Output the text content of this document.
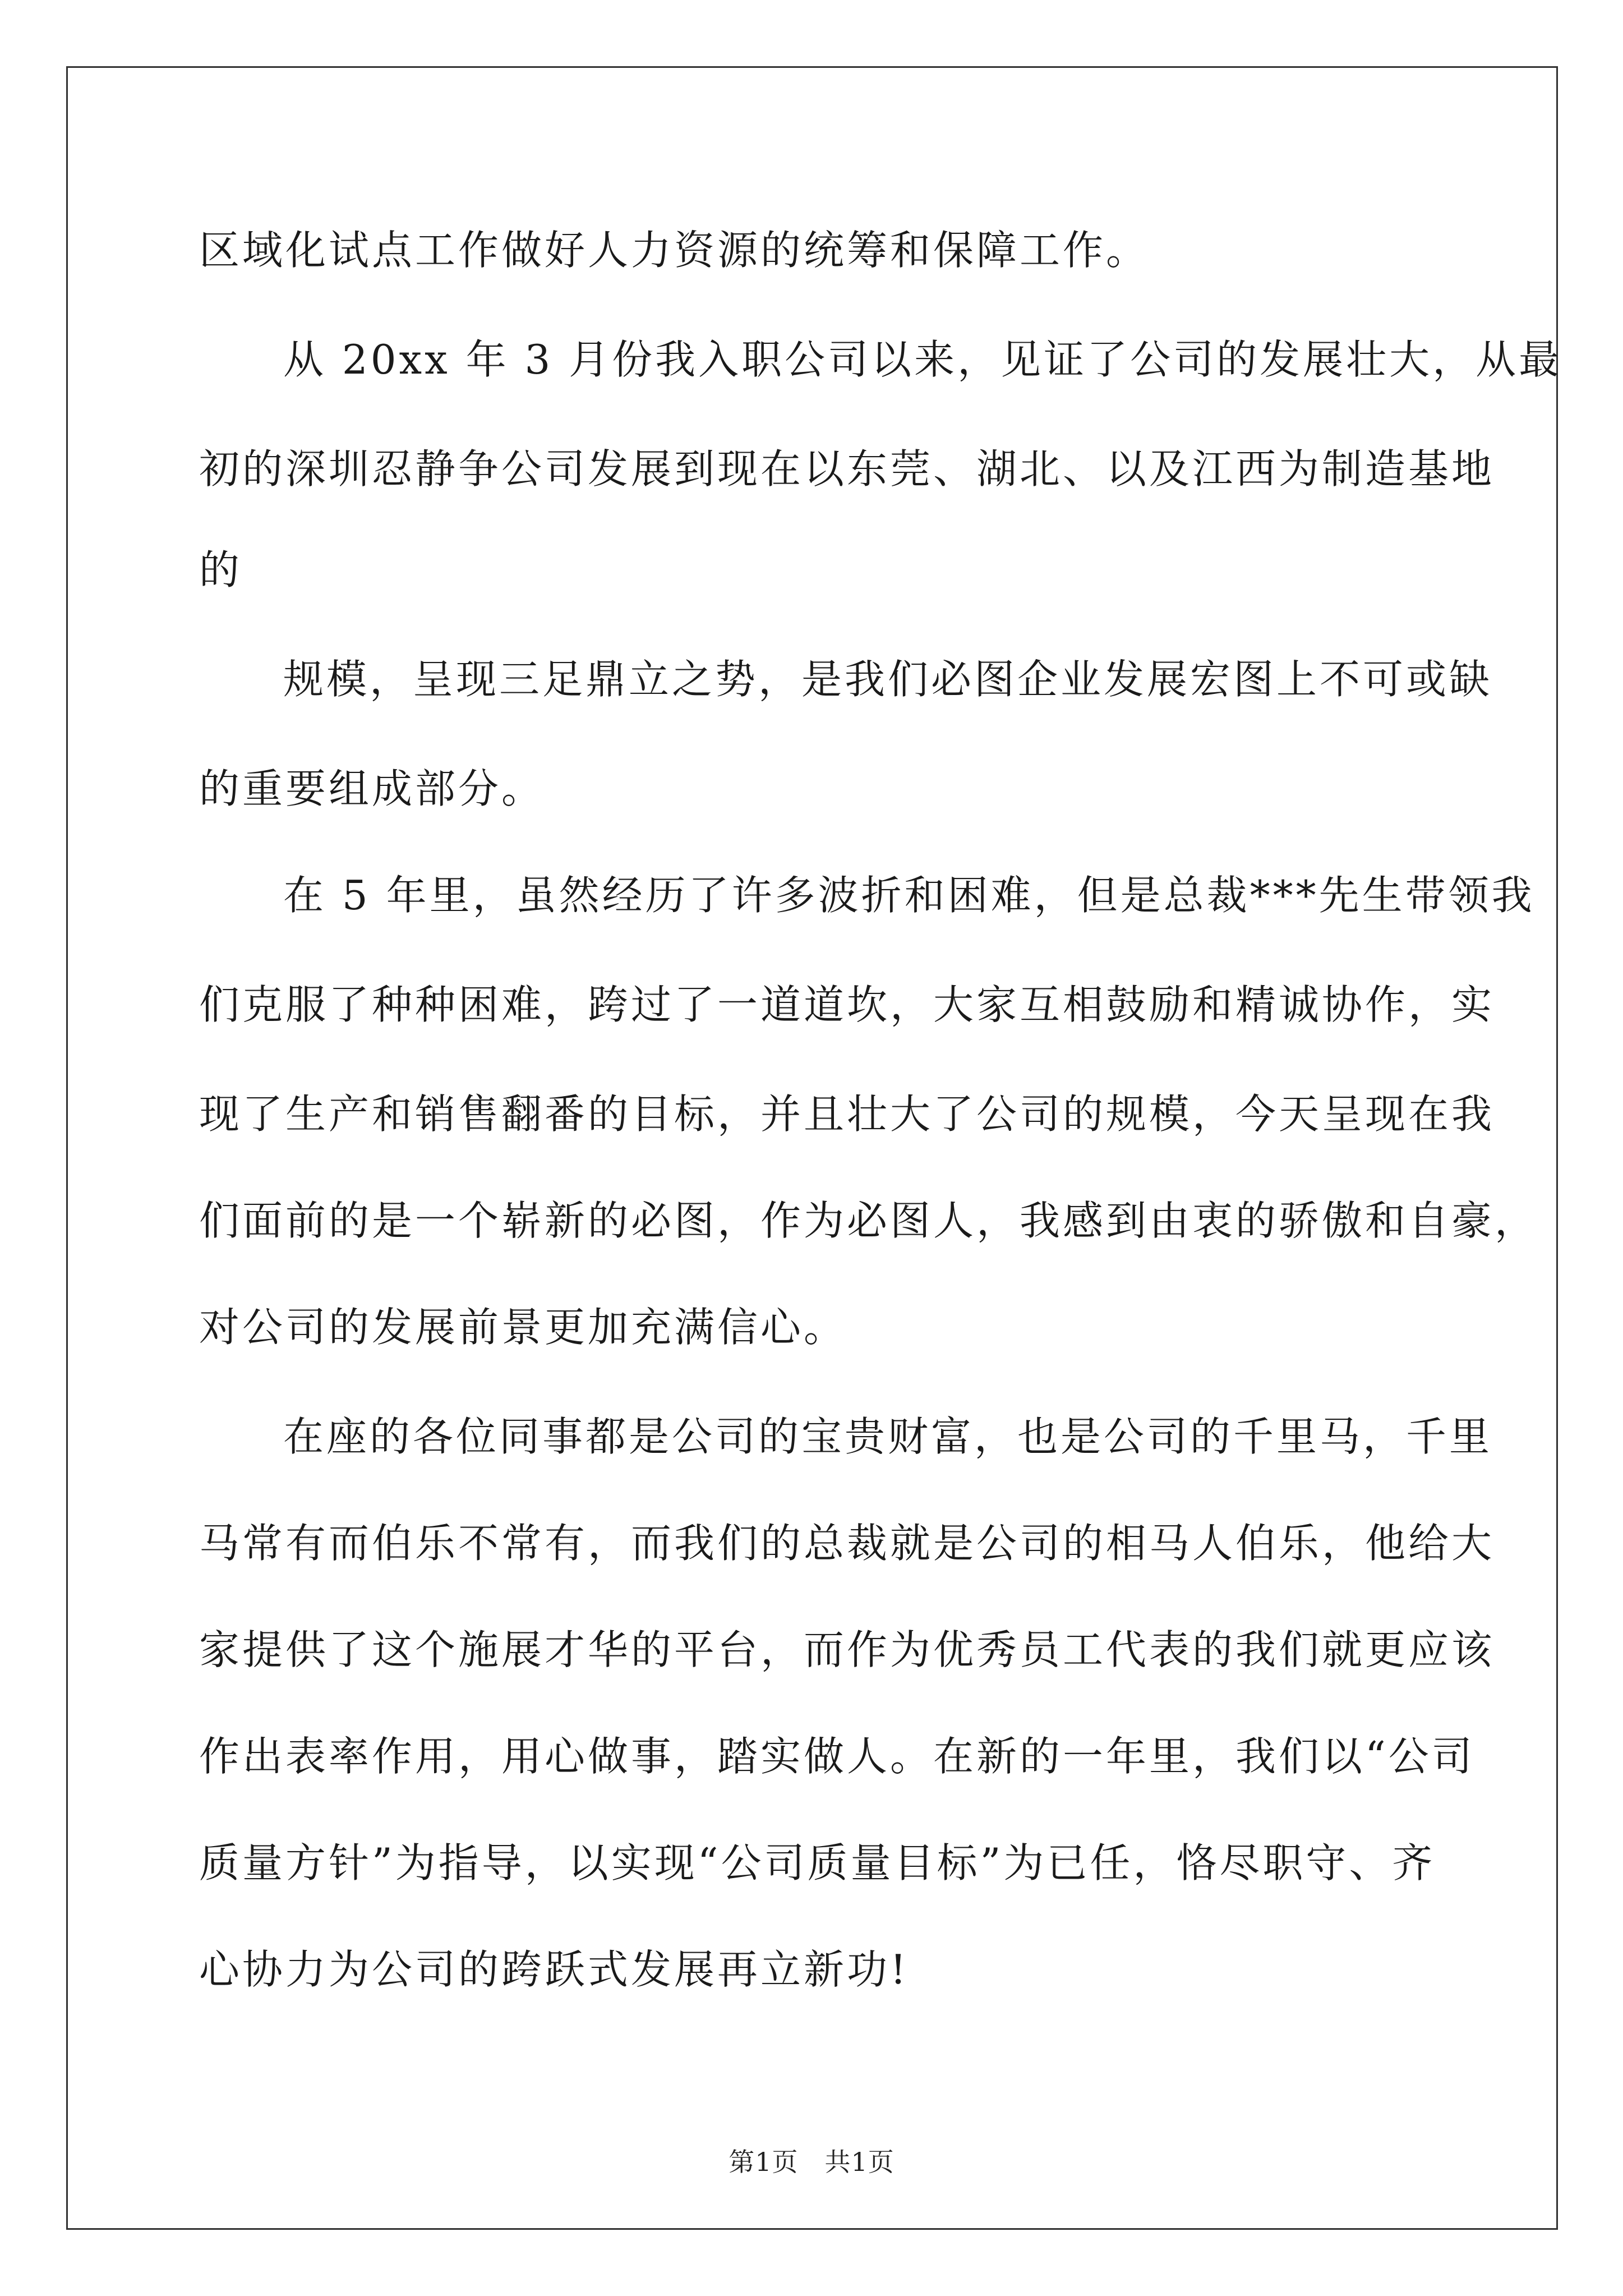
区域化试点工作做好人力资源的统筹和保障工作。
从 20xx 年 3 月份我入职公司以来，见证了公司的发展壮大，从最
初的深圳忍静争公司发展到现在以东莞、湖北、以及江西为制造基地
的
规模，呈现三足鼎立之势，是我们必图企业发展宏图上不可或缺
的重要组成部分。
在 5 年里，虽然经历了许多波折和困难，但是总裁***先生带领我
们克服了种种困难，跨过了一道道坎，大家互相鼓励和精诚协作，实
现了生产和销售翻番的目标，并且壮大了公司的规模，今天呈现在我
们面前的是一个崭新的必图，作为必图人，我感到由衷的骄傲和自豪，
对公司的发展前景更加充满信心。
在座的各位同事都是公司的宝贵财富，也是公司的千里马，千里
马常有而伯乐不常有，而我们的总裁就是公司的相马人伯乐，他给大
家提供了这个施展才华的平台，而作为优秀员工代表的我们就更应该
作出表率作用，用心做事，踏实做人。在新的一年里，我们以“公司
质量方针”为指导，以实现“公司质量目标”为已任，恪尽职守、齐
心协力为公司的跨跃式发展再立新功!
第1页 共1页
